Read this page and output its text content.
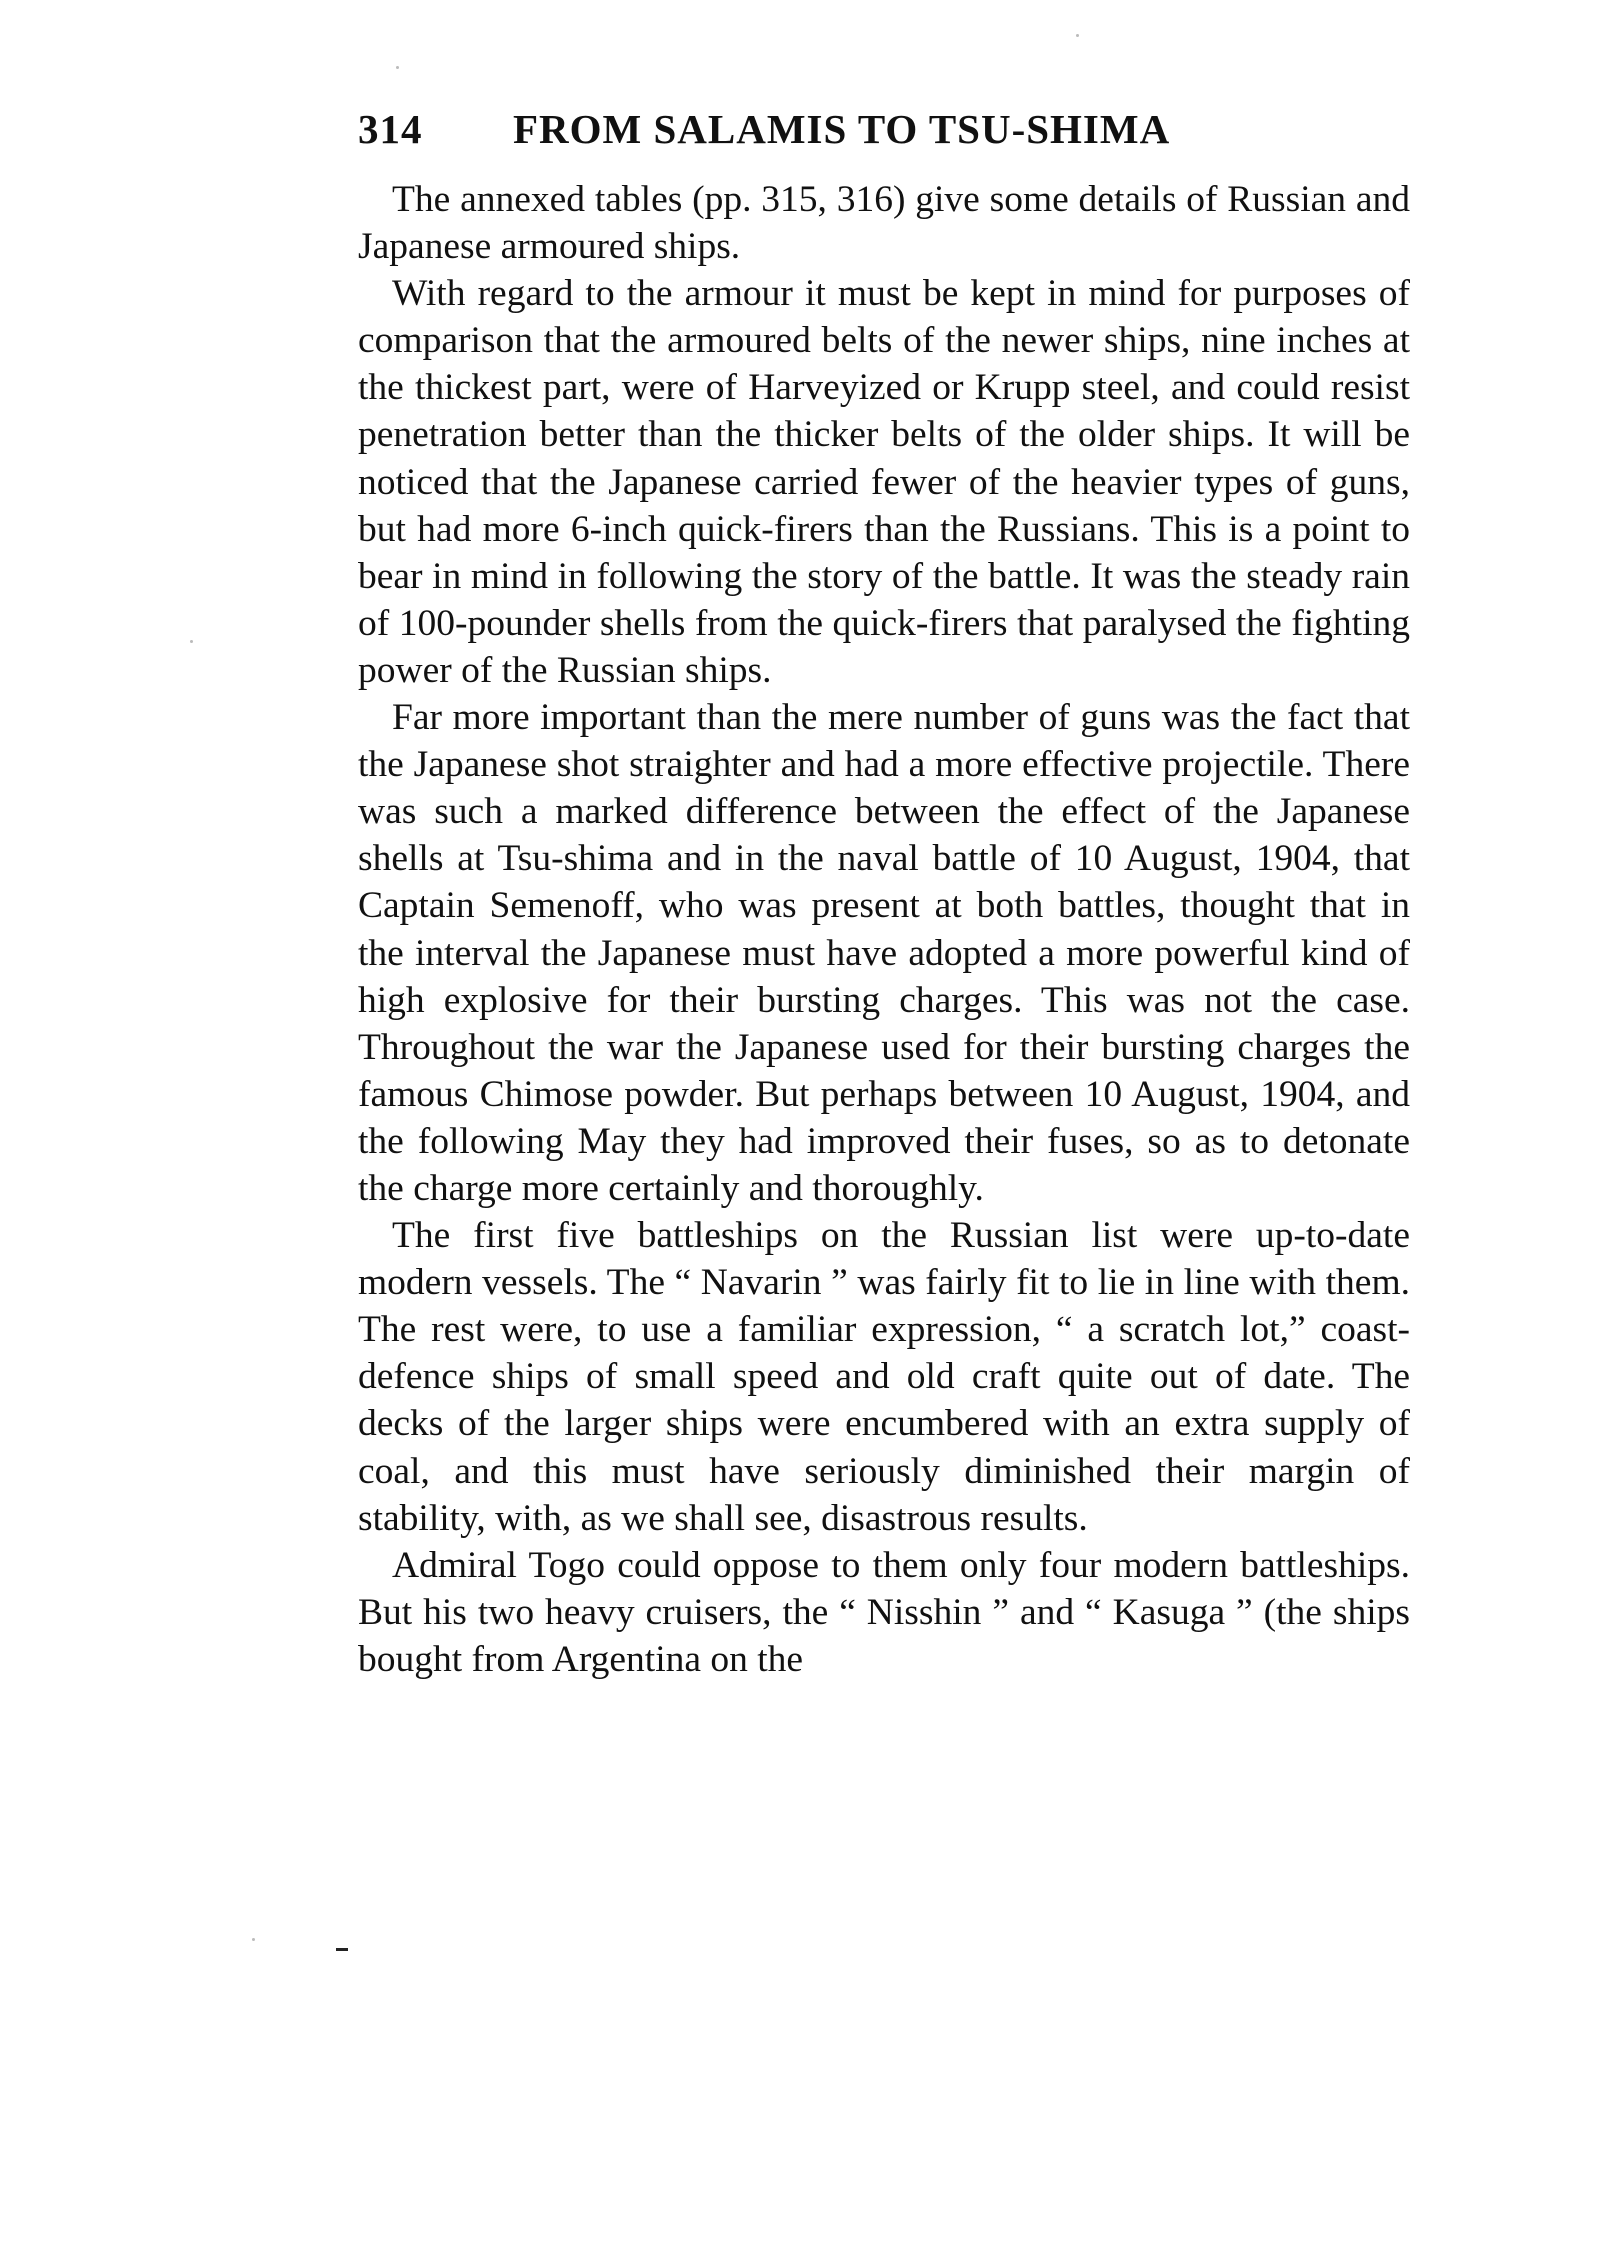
314 FROM SALAMIS TO TSU-SHIMA

The annexed tables (pp. 315, 316) give some details of Russian and Japanese armoured ships.

With regard to the armour it must be kept in mind for purposes of comparison that the armoured belts of the newer ships, nine inches at the thickest part, were of Harveyized or Krupp steel, and could resist penetration better than the thicker belts of the older ships. It will be noticed that the Japanese carried fewer of the heavier types of guns, but had more 6-inch quick-firers than the Russians. This is a point to bear in mind in following the story of the battle. It was the steady rain of 100-pounder shells from the quick-firers that paralysed the fighting power of the Russian ships.

Far more important than the mere number of guns was the fact that the Japanese shot straighter and had a more effective projectile. There was such a marked difference between the effect of the Japanese shells at Tsu-shima and in the naval battle of 10 August, 1904, that Captain Semenoff, who was present at both battles, thought that in the interval the Japanese must have adopted a more powerful kind of high explosive for their bursting charges. This was not the case. Throughout the war the Japanese used for their bursting charges the famous Chimose powder. But perhaps between 10 August, 1904, and the following May they had improved their fuses, so as to detonate the charge more certainly and thoroughly.

The first five battleships on the Russian list were up-to-date modern vessels. The “ Navarin ” was fairly fit to lie in line with them. The rest were, to use a familiar expression, “ a scratch lot,” coast-defence ships of small speed and old craft quite out of date. The decks of the larger ships were encumbered with an extra supply of coal, and this must have seriously diminished their margin of stability, with, as we shall see, disastrous results.

Admiral Togo could oppose to them only four modern battleships. But his two heavy cruisers, the “ Nisshin ” and “ Kasuga ” (the ships bought from Argentina on the
